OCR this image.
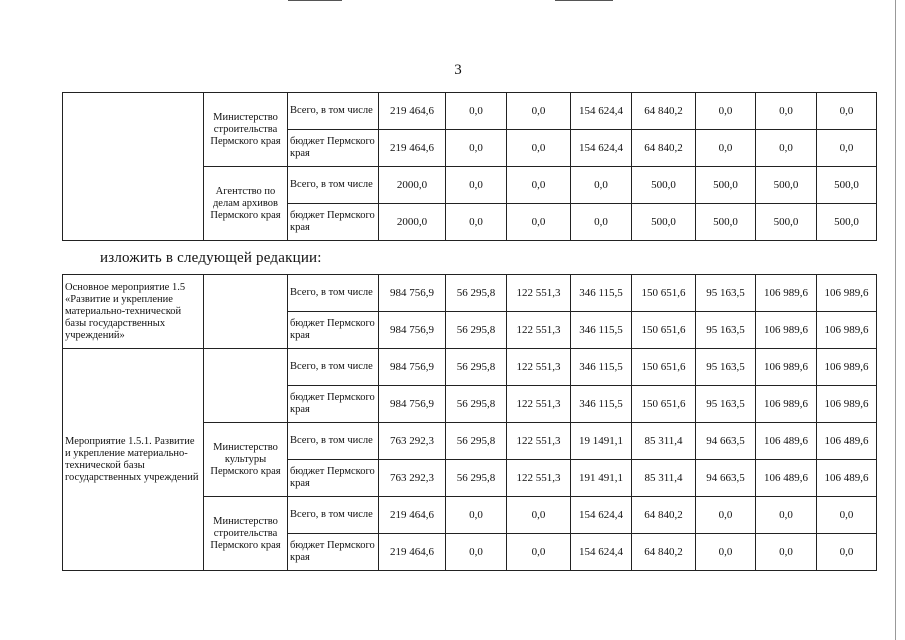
3
	Министерство строительства Пермского края	Всего, в том числе	219 464,6	0,0	0,0	154 624,4	64 840,2	0,0	0,0	0,0
		бюджет Пермского края	219 464,6	0,0	0,0	154 624,4	64 840,2	0,0	0,0	0,0
	Агентство по делам архивов Пермского края	Всего, в том числе	2000,0	0,0	0,0	0,0	500,0	500,0	500,0	500,0
		бюджет Пермского края	2000,0	0,0	0,0	0,0	500,0	500,0	500,0	500,0
изложить в следующей редакции:
Основное мероприятие 1.5 «Развитие и укрепление материально-технической базы государственных учреждений»		Всего, в том числе	984 756,9	56 295,8	122 551,3	346 115,5	150 651,6	95 163,5	106 989,6	106 989,6
		бюджет Пермского края	984 756,9	56 295,8	122 551,3	346 115,5	150 651,6	95 163,5	106 989,6	106 989,6
Мероприятие 1.5.1. Развитие и укрепление материально-технической базы государственных учреждений		Всего, в том числе	984 756,9	56 295,8	122 551,3	346 115,5	150 651,6	95 163,5	106 989,6	106 989,6
		бюджет Пермского края	984 756,9	56 295,8	122 551,3	346 115,5	150 651,6	95 163,5	106 989,6	106 989,6
	Министерство культуры Пермского края	Всего, в том числе	763 292,3	56 295,8	122 551,3	19 1491,1	85 311,4	94 663,5	106 489,6	106 489,6
		бюджет Пермского края	763 292,3	56 295,8	122 551,3	191 491,1	85 311,4	94 663,5	106 489,6	106 489,6
	Министерство строительства Пермского края	Всего, в том числе	219 464,6	0,0	0,0	154 624,4	64 840,2	0,0	0,0	0,0
		бюджет Пермского края	219 464,6	0,0	0,0	154 624,4	64 840,2	0,0	0,0	0,0
